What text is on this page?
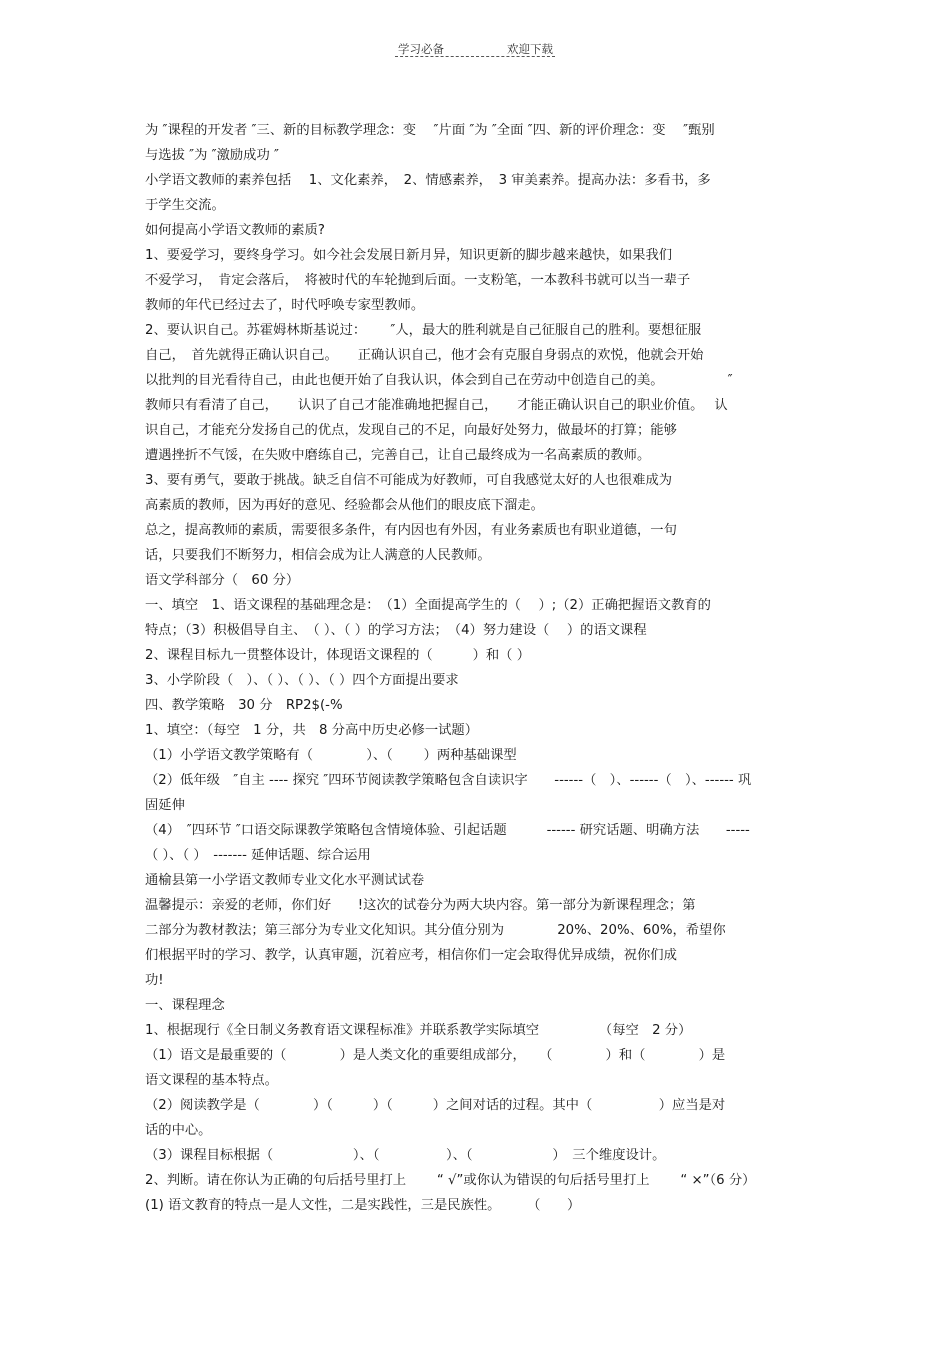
学习必备	欢迎下载
为 ″课程的开发者 ″三、新的目标教学理念：变　 ″片面 ″为 ″全面 ″四、新的评价理念：变　 ″甄别
与选拔 ″为 ″激励成功 ″
小学语文教师的素养包括　 1、文化素养，　2、情感素养，　3 审美素养。提高办法：多看书，多
于学生交流。
如何提高小学语文教师的素质?
1、要爱学习，要终身学习。如今社会发展日新月异，知识更新的脚步越来越快，如果我们
不爱学习，　肯定会落后，　将被时代的车轮抛到后面。一支粉笔，一本教科书就可以当一辈子
教师的年代已经过去了，时代呼唤专家型教师。
2、要认识自己。苏霍姆林斯基说过：　　 ″人，最大的胜利就是自己征服自己的胜利。要想征服
自己，　首先就得正确认识自己。　　正确认识自己，他才会有克服自身弱点的欢悦，他就会开始
以批判的目光看待自己，由此也便开始了自我认识，体会到自己在劳动中创造自己的美。　　　　　 ″
教师只有看清了自己，　　认识了自己才能准确地把握自己，　　才能正确认识自己的职业价值。　 认
识自己，才能充分发扬自己的优点，发现自己的不足，向最好处努力，做最坏的打算；能够
遭遇挫折不气馁，在失败中磨练自己，完善自己，让自己最终成为一名高素质的教师。
3、要有勇气，要敢于挑战。缺乏自信不可能成为好教师，可自我感觉太好的人也很难成为
高素质的教师，因为再好的意见、经验都会从他们的眼皮底下溜走。
总之，提高教师的素质，需要很多条件，有内因也有外因，有业务素质也有职业道德，一句
话，只要我们不断努力，相信会成为让人满意的人民教师。
语文学科部分（　60 分）
一、填空　1、语文课程的基础理念是：　（1）全面提高学生的（　 ）;（2）正确把握语文教育的
特点；（3）积极倡导自主、　（ ）、（ ）的学习方法；　（4）努力建设（　 ）的语文课程
2、课程目标九一贯整体设计，体现语文课程的（　　　）和（ ）
3、小学阶段（　）、（ ）、（ ）、（ ）四个方面提出要求
四、教学策略　30 分　RP2$(-%
1、填空：（每空　1 分，共　8 分高中历史必修一试题）
（1）小学语文教学策略有（　　　　）、（　　 ）两种基础课型
（2）低年级　″自主 ---- 探究 ″四环节阅读教学策略包含自读识字　　------（　）、------（　）、------ 巩
固延伸
（4）　″四环节 ″口语交际课教学策略包含情境体验、引起话题　　　------ 研究话题、明确方法　　-----
（ ）、（ ）　------- 延伸话题、综合运用
通榆县第一小学语文教师专业文化水平测试试卷
温馨提示：亲爱的老师，你们好　　!这次的试卷分为两大块内容。第一部分为新课程理念；第
二部分为教材教法；第三部分为专业文化知识。其分值分别为　　　　20%、20%、60%，希望你
们根据平时的学习、教学，认真审题，沉着应考，相信你们一定会取得优异成绩，祝你们成
功!
一、课程理念
1、根据现行《全日制义务教育语文课程标准》并联系教学实际填空　　　　　（每空　2 分）
（1）语文是最重要的（　　　　）是人类文化的重要组成部分，　　（　　　　）和（　　　　）是
语文课程的基本特点。
（2）阅读教学是（　　　　）（　　　）（　　　）之间对话的过程。其中（　　　　　）应当是对
话的中心。
（3）课程目标根据（　　　　　　）、（　　　　　）、（　　　　　　）　三个维度设计。
2、判断。请在你认为正确的句后括号里打上　　 “ √”或你认为错误的句后括号里打上　　 “ ×”（6 分）
(1) 语文教育的特点一是人文性，二是实践性，三是民族性。　　　（　　）
